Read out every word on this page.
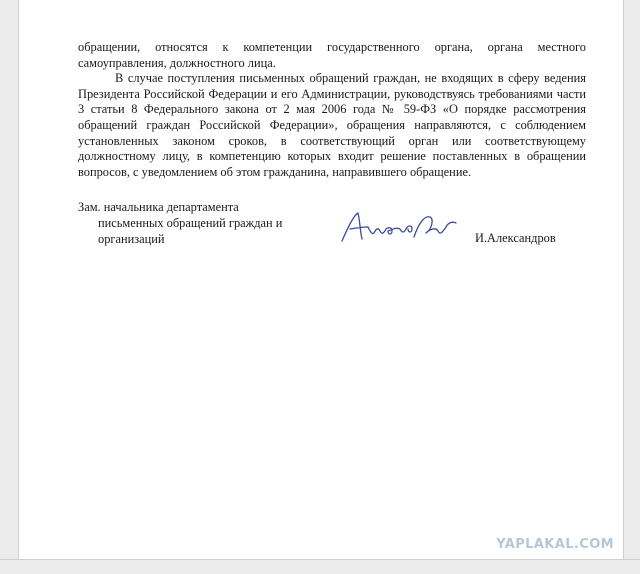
обращении, относятся к компетенции государственного органа, органа местного самоуправления, должностного лица.

В случае поступления письменных обращений граждан, не входящих в сферу ведения Президента Российской Федерации и его Администрации, руководствуясь требованиями части 3 статьи 8 Федерального закона от 2 мая 2006 года № 59-ФЗ «О порядке рассмотрения обращений граждан Российской Федерации», обращения направляются, с соблюдением установленных законом сроков, в соответствующий орган или соответствующему должностному лицу, в компетенцию которых входит решение поставленных в обращении вопросов, с уведомлением об этом гражданина, направившего обращение.

Зам. начальника департамента
письменных обращений граждан и
организаций	И.Александров
YAPLAKAL.COM
